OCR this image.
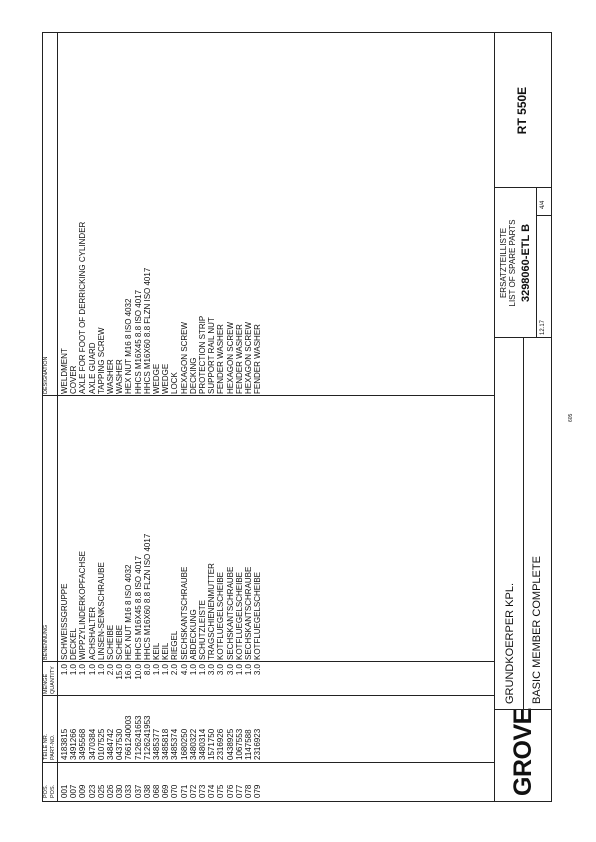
POS. POS.
TEILE NR. PART-NO.
MENGE QUANTITY
BENENNUNG
DESIGNATION
001
4183815
1.0
SCHWEISSGRUPPE
WELDMENT
007
3491266
1.0
DECKEL
COVER
009
3495568
1.0
WIPPZYLINDERKOPFACHSE
AXLE FOR FOOT OF DERRICKING CYLINDER
023
3470384
1.0
ACHSHALTER
AXLE GUARD
025
0107525
1.0
LINSEN-SENKSCHRAUBE
TAPPING SCREW
026
3484742
2.0
SCHEIBE
WASHER
030
0437530
15.0
SCHEIBE
WASHER
033
7661240003
16.0
HEX NUT M16 8 ISO 4032
HEX NUT M16 8 ISO 4032
037
7126241653
10.0
HHCS M16X45 8.8 ISO 4017
HHCS M16X45 8.8 ISO 4017
038
7126241953
8.0
HHCS M16X60 8.8 FLZN ISO 4017
HHCS M16X60 8.8 FLZN ISO 4017
068
3485377
1.0
KEIL
WEDGE
069
3485818
1.0
KEIL
WEDGE
070
3485374
2.0
RIEGEL
LOCK
071
1680250
4.0
SECHSKANTSCHRAUBE
HEXAGON SCREW
072
3480322
1.0
ABDECKUNG
DECKING
073
3480314
1.0
SCHUTZLEISTE
PROTECTION STRIP
074
1571750
3.0
TRAGSCHIENENMUTTER
SUPPORT RAIL NUT
075
2316926
3.0
KOTFLUEGELSCHEIBE
FENDER WASHER
076
0438925
3.0
SECHSKANTSCHRAUBE
HEXAGON SCREW
077
1067553
1.0
KOTFLUEGELSCHEIBE
FENDER WASHER
078
1147588
1.0
SECHSKANTSCHRAUBE
HEXAGON SCREW
079
2316923
3.0
KOTFLUEGELSCHEIBE
FENDER WASHER
GROVE
GRUNDKOERPER KPL. BASIC MEMBER COMPLETE
ERSATZTEILLISTE LIST OF SPARE PARTS 3298060-ETL B
12.17
4/4
RT 550E
605
